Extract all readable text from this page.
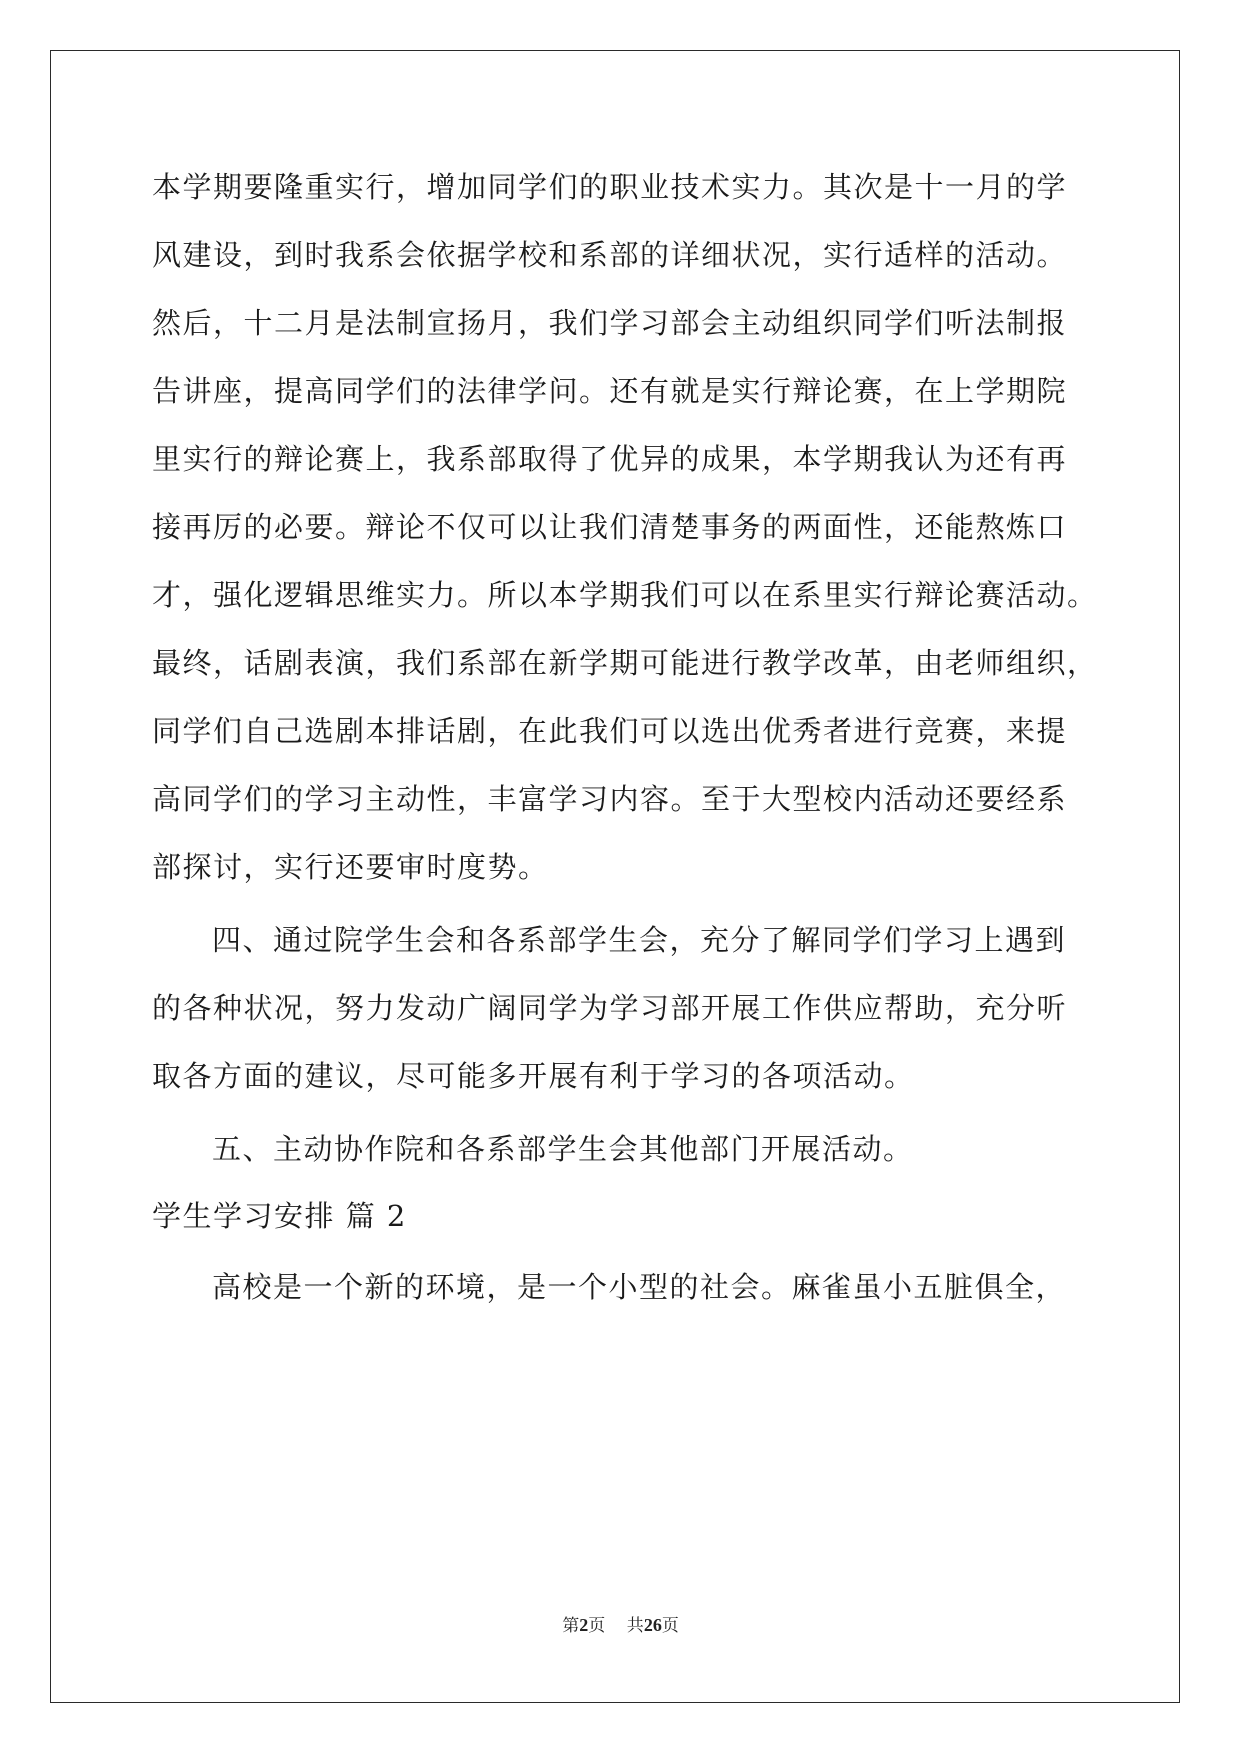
本学期要隆重实行，增加同学们的职业技术实力。其次是十一月的学
风建设，到时我系会依据学校和系部的详细状况，实行适样的活动。
然后，十二月是法制宣扬月，我们学习部会主动组织同学们听法制报
告讲座，提高同学们的法律学问。还有就是实行辩论赛，在上学期院
里实行的辩论赛上，我系部取得了优异的成果，本学期我认为还有再
接再厉的必要。辩论不仅可以让我们清楚事务的两面性，还能熬炼口
才，强化逻辑思维实力。所以本学期我们可以在系里实行辩论赛活动。
最终，话剧表演，我们系部在新学期可能进行教学改革，由老师组织，
同学们自己选剧本排话剧，在此我们可以选出优秀者进行竞赛，来提
高同学们的学习主动性，丰富学习内容。至于大型校内活动还要经系
部探讨，实行还要审时度势。
四、通过院学生会和各系部学生会，充分了解同学们学习上遇到
的各种状况，努力发动广阔同学为学习部开展工作供应帮助，充分听
取各方面的建议，尽可能多开展有利于学习的各项活动。
五、主动协作院和各系部学生会其他部门开展活动。
学生学习安排 篇 2
高校是一个新的环境，是一个小型的社会。麻雀虽小五脏俱全，
第2页    共26页
